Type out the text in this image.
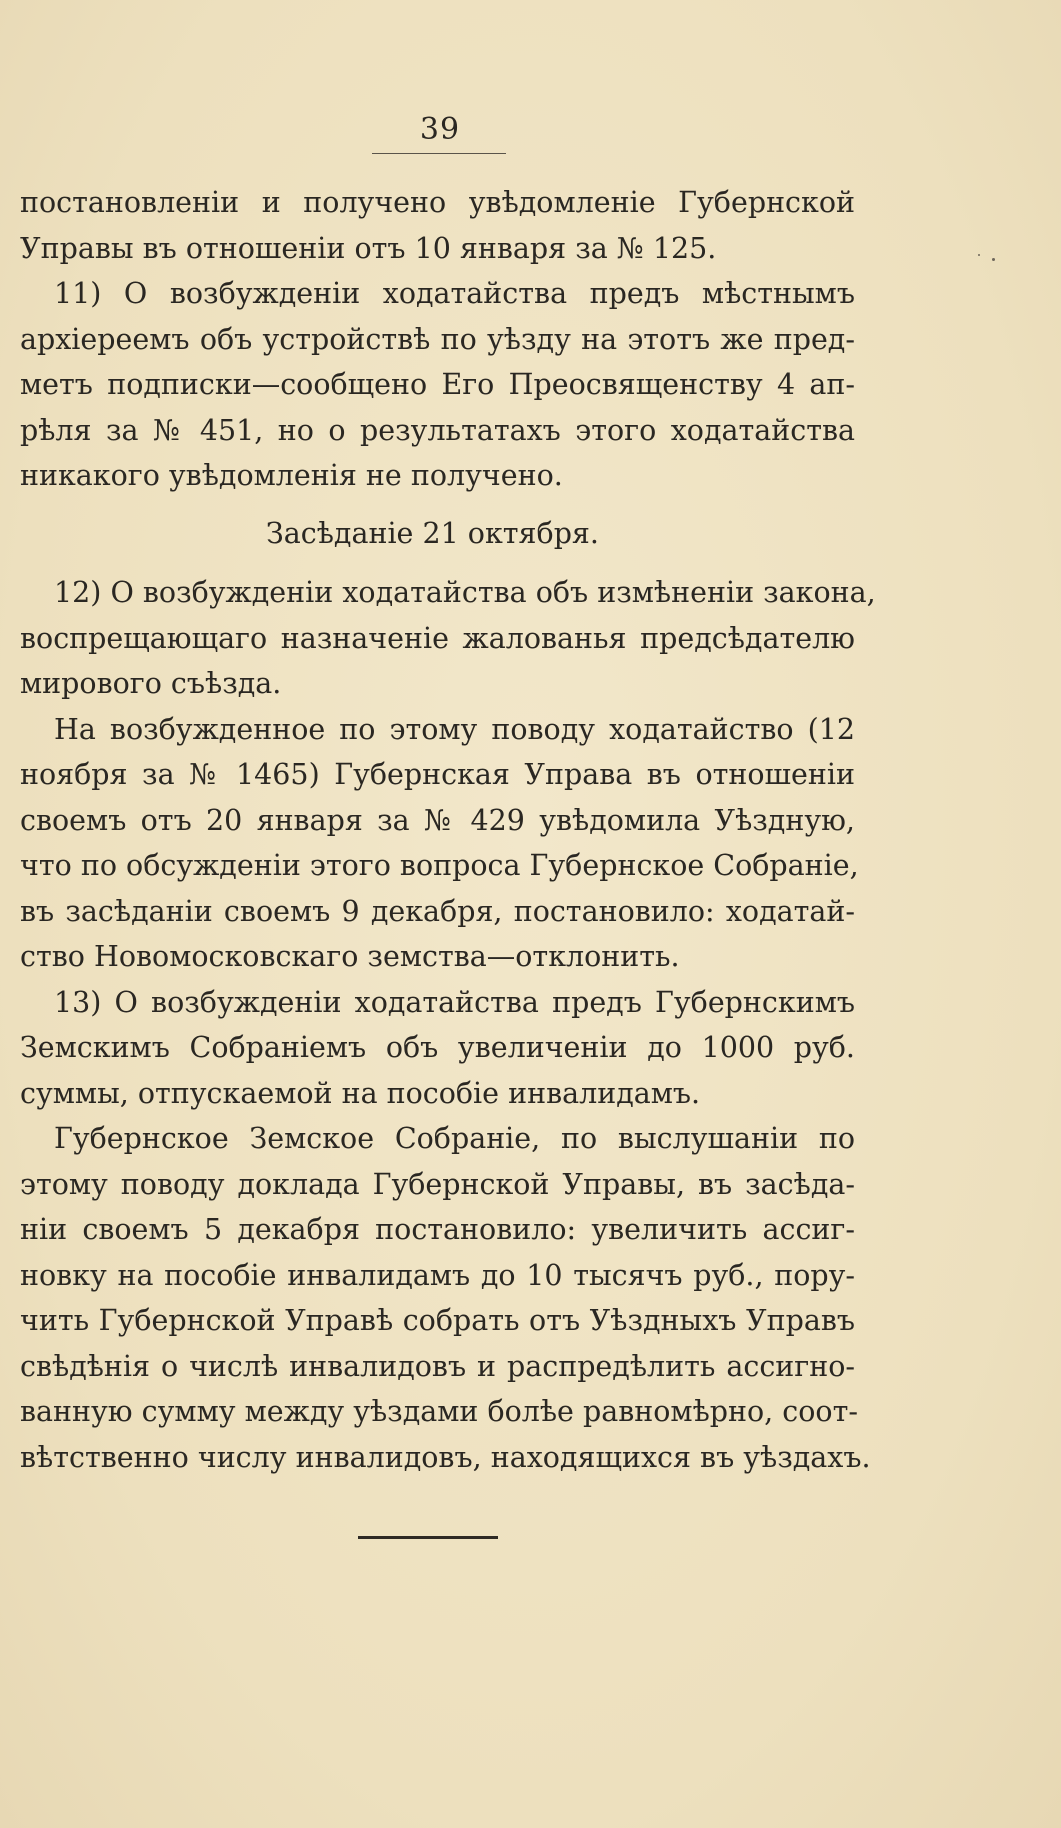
39
постановленіи и получено увѣдомленіе Губернской
Управы въ отношеніи отъ 10 января за № 125.
11) О возбужденіи ходатайства предъ мѣстнымъ
архіереемъ объ устройствѣ по уѣзду на этотъ же пред-
метъ подписки—сообщено Его Преосвященству 4 ап-
рѣля за № 451, но о результатахъ этого ходатайства
никакого увѣдомленія не получено.
Засѣданіе 21 октября.
12) О возбужденіи ходатайства объ измѣненіи закона,
воспрещающаго назначеніе жалованья предсѣдателю
мирового съѣзда.
На возбужденное по этому поводу ходатайство (12
ноября за № 1465) Губернская Управа въ отношеніи
своемъ отъ 20 января за № 429 увѣдомила Уѣздную,
что по обсужденіи этого вопроса Губернское Собраніе,
въ засѣданіи своемъ 9 декабря, постановило: ходатай-
ство Новомосковскаго земства—отклонить.
13) О возбужденіи ходатайства предъ Губернскимъ
Земскимъ Собраніемъ объ увеличеніи до 1000 руб.
суммы, отпускаемой на пособіе инвалидамъ.
Губернское Земское Собраніе, по выслушаніи по
этому поводу доклада Губернской Управы, въ засѣда-
ніи своемъ 5 декабря постановило: увеличить ассиг-
новку на пособіе инвалидамъ до 10 тысячъ руб., пору-
чить Губернской Управѣ собрать отъ Уѣздныхъ Управъ
свѣдѣнія о числѣ инвалидовъ и распредѣлить ассигно-
ванную сумму между уѣздами болѣе равномѣрно, соот-
вѣтственно числу инвалидовъ, находящихся въ уѣздахъ.
